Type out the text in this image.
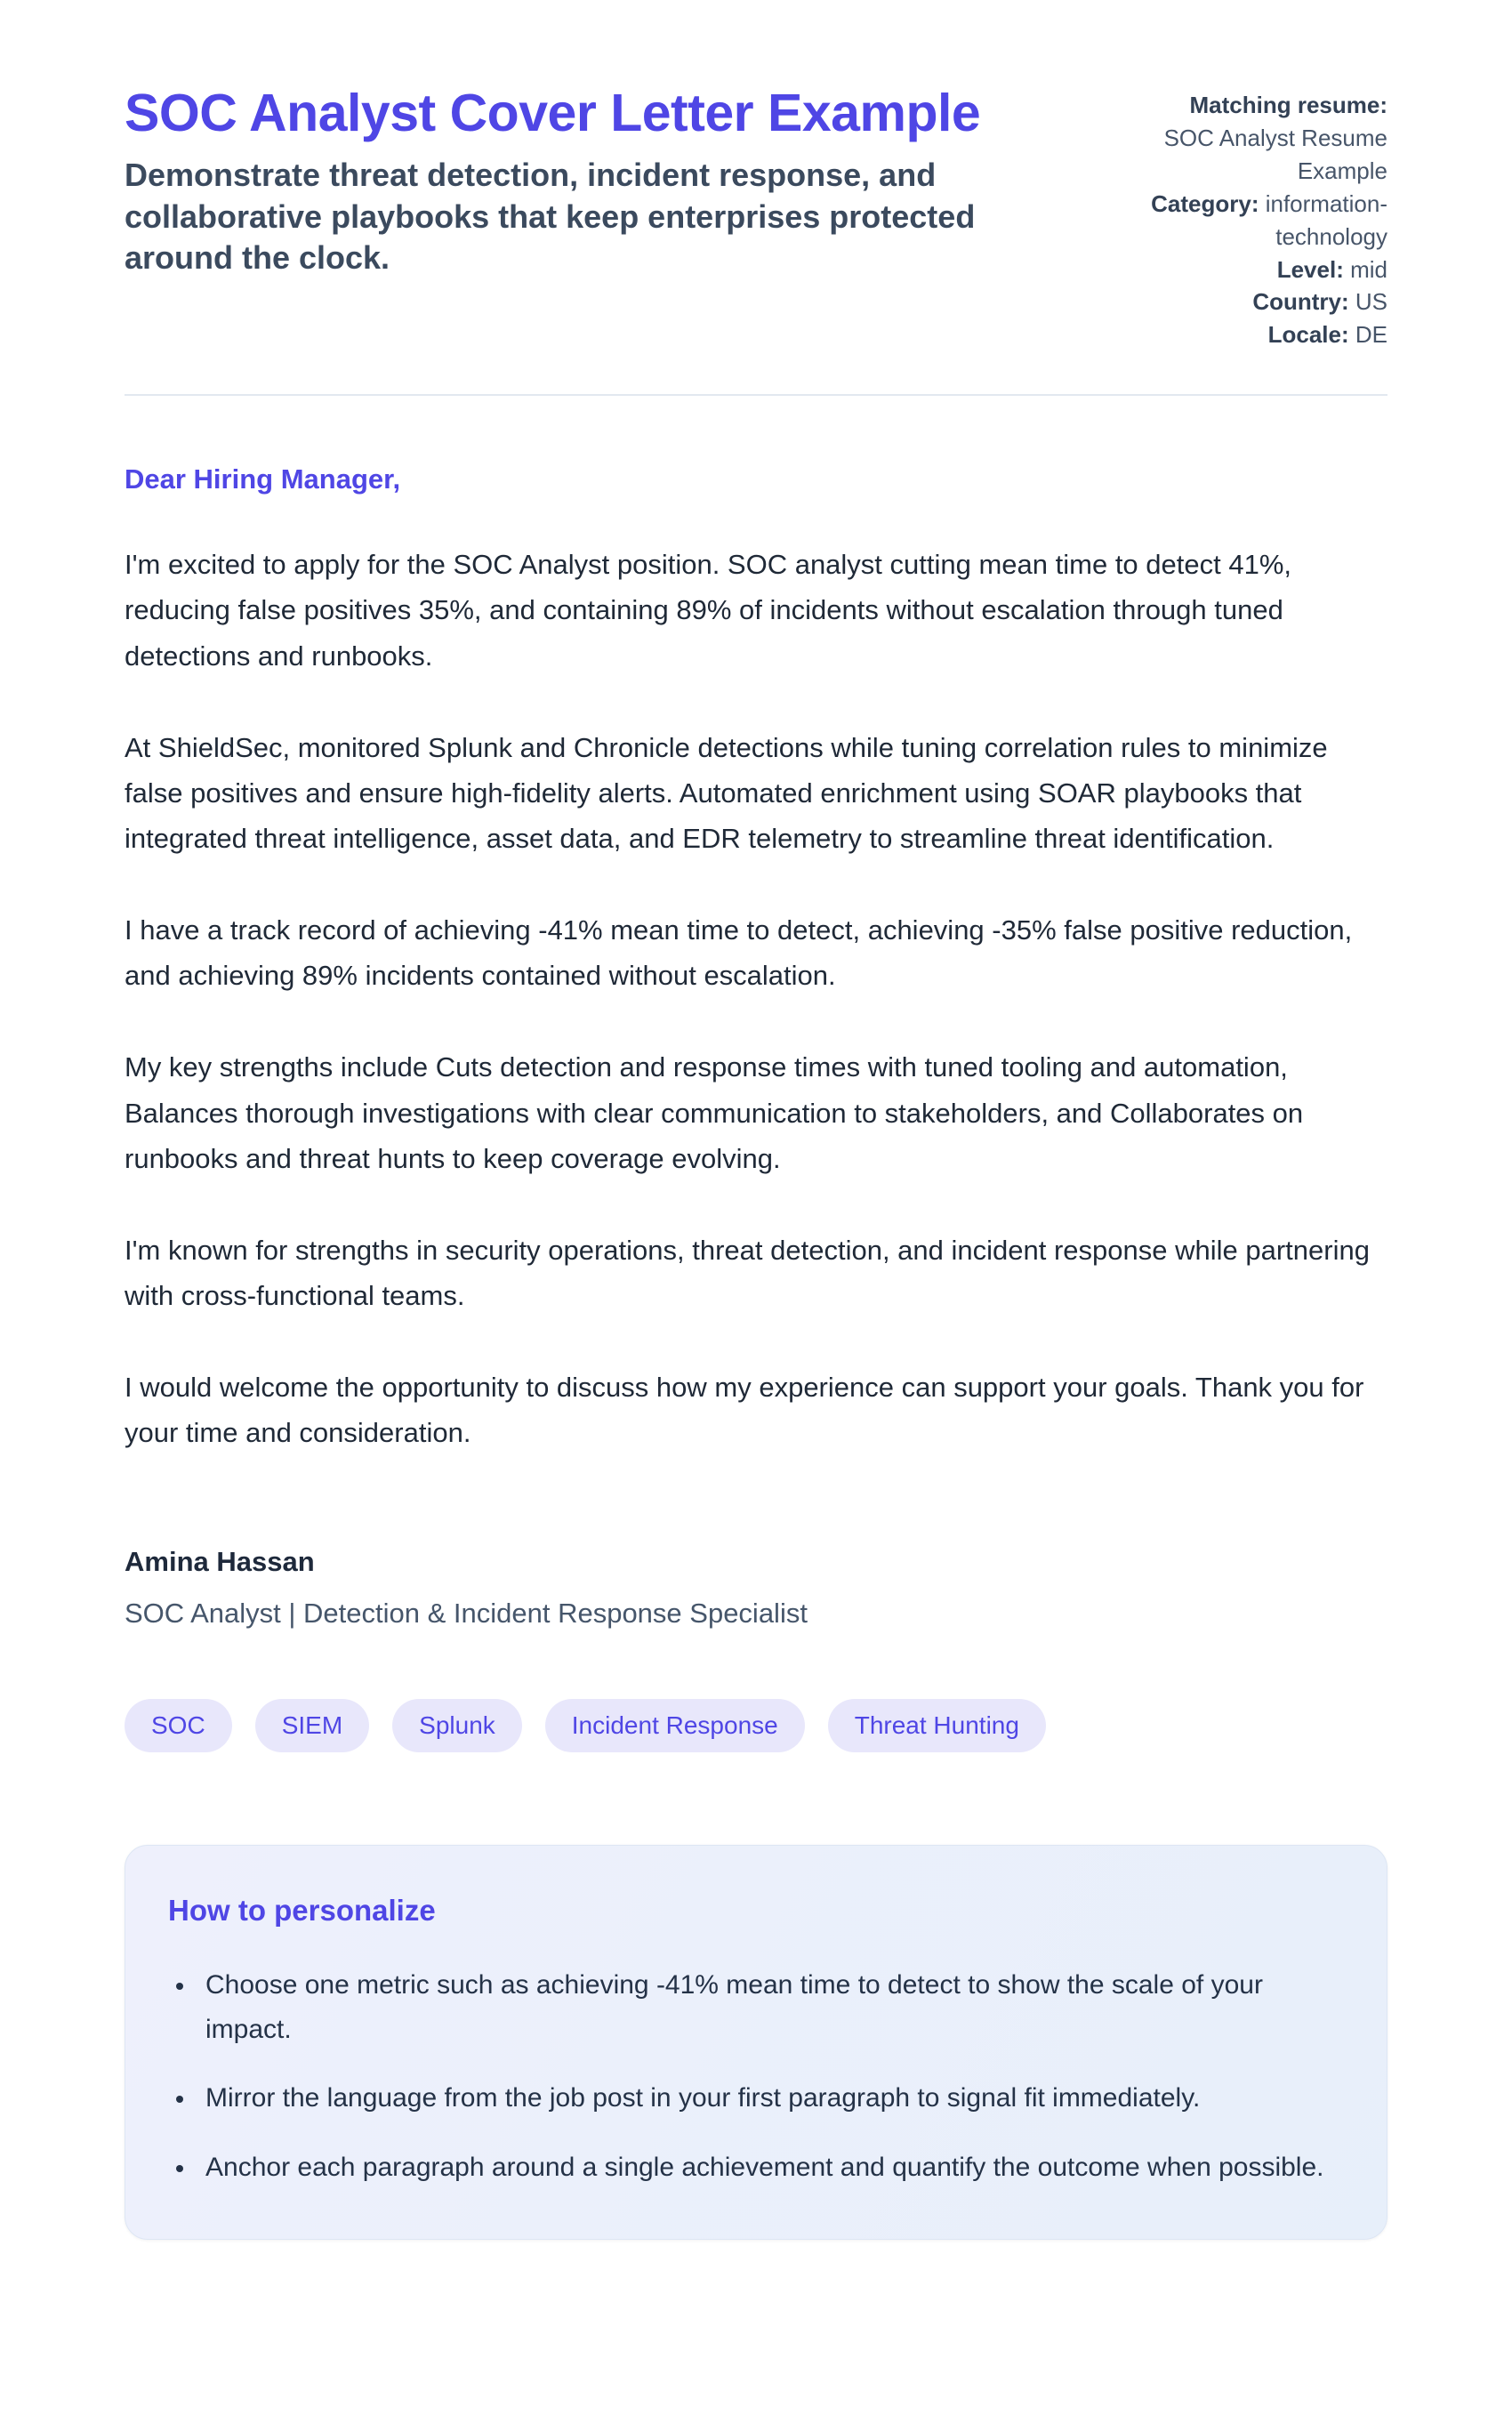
SOC Analyst Cover Letter Example

Demonstrate threat detection, incident response, and collaborative playbooks that keep enterprises protected around the clock.

Matching resume: SOC Analyst Resume Example
Category: information-technology
Level: mid
Country: US
Locale: DE

Dear Hiring Manager,

I'm excited to apply for the SOC Analyst position. SOC analyst cutting mean time to detect 41%, reducing false positives 35%, and containing 89% of incidents without escalation through tuned detections and runbooks.

At ShieldSec, monitored Splunk and Chronicle detections while tuning correlation rules to minimize false positives and ensure high-fidelity alerts. Automated enrichment using SOAR playbooks that integrated threat intelligence, asset data, and EDR telemetry to streamline threat identification.

I have a track record of achieving -41% mean time to detect, achieving -35% false positive reduction, and achieving 89% incidents contained without escalation.

My key strengths include Cuts detection and response times with tuned tooling and automation, Balances thorough investigations with clear communication to stakeholders, and Collaborates on runbooks and threat hunts to keep coverage evolving.

I'm known for strengths in security operations, threat detection, and incident response while partnering with cross-functional teams.

I would welcome the opportunity to discuss how my experience can support your goals. Thank you for your time and consideration.

Amina Hassan

SOC Analyst | Detection & Incident Response Specialist

SOC	SIEM	Splunk	Incident Response	Threat Hunting
How to personalize
• Choose one metric such as achieving -41% mean time to detect to show the scale of your impact.
• Mirror the language from the job post in your first paragraph to signal fit immediately.
• Anchor each paragraph around a single achievement and quantify the outcome when possible.
